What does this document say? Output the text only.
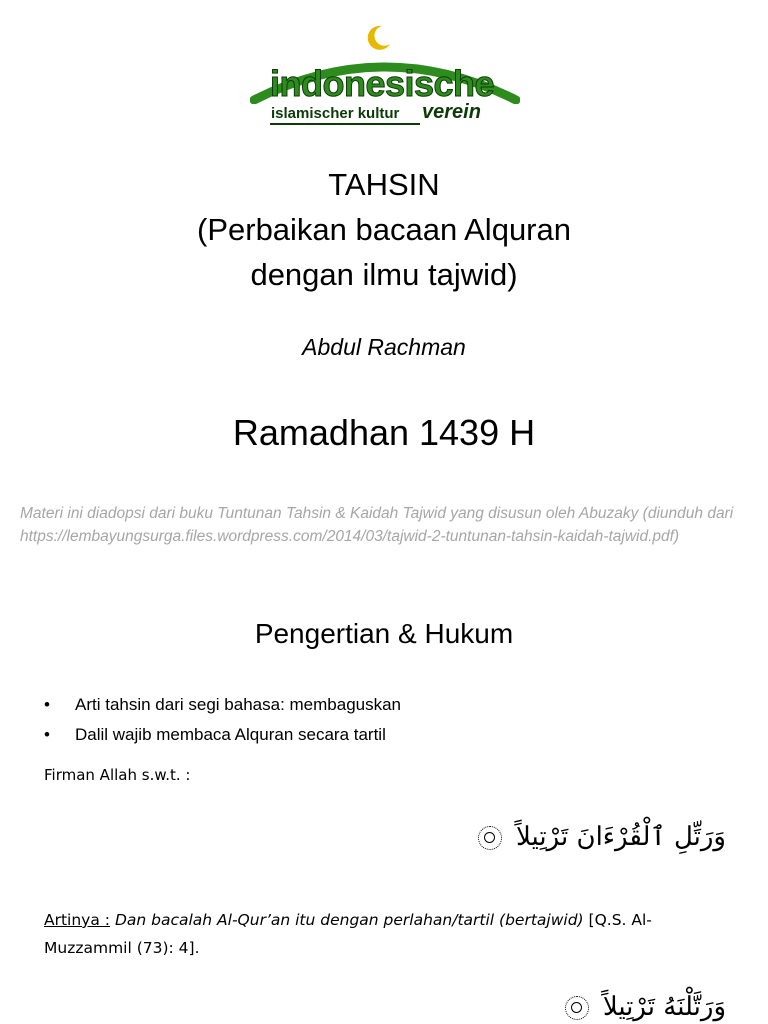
indonesische
islamischer kultur verein
TAHSIN
(Perbaikan bacaan Alquran
dengan ilmu tajwid)
Abdul Rachman
Ramadhan 1439 H
Materi ini diadopsi dari buku Tuntunan Tahsin & Kaidah Tajwid yang disusun oleh Abuzaky (diunduh dari https://lembayungsurga.files.wordpress.com/2014/03/tajwid-2-tuntunan-tahsin-kaidah-tajwid.pdf)
Pengertian & Hukum
• Arti tahsin dari segi bahasa: membaguskan
• Dalil wajib membaca Alquran secara tartil
Firman Allah s.w.t. :
وَرَتِّلِ ٱلْقُرْءَانَ تَرْتِيلاً
Artinya : Dan bacalah Al-Qur’an itu dengan perlahan/tartil (bertajwid) [Q.S. Al-Muzzammil (73): 4].
وَرَتَّلْنَهُ تَرْتِيلاً
